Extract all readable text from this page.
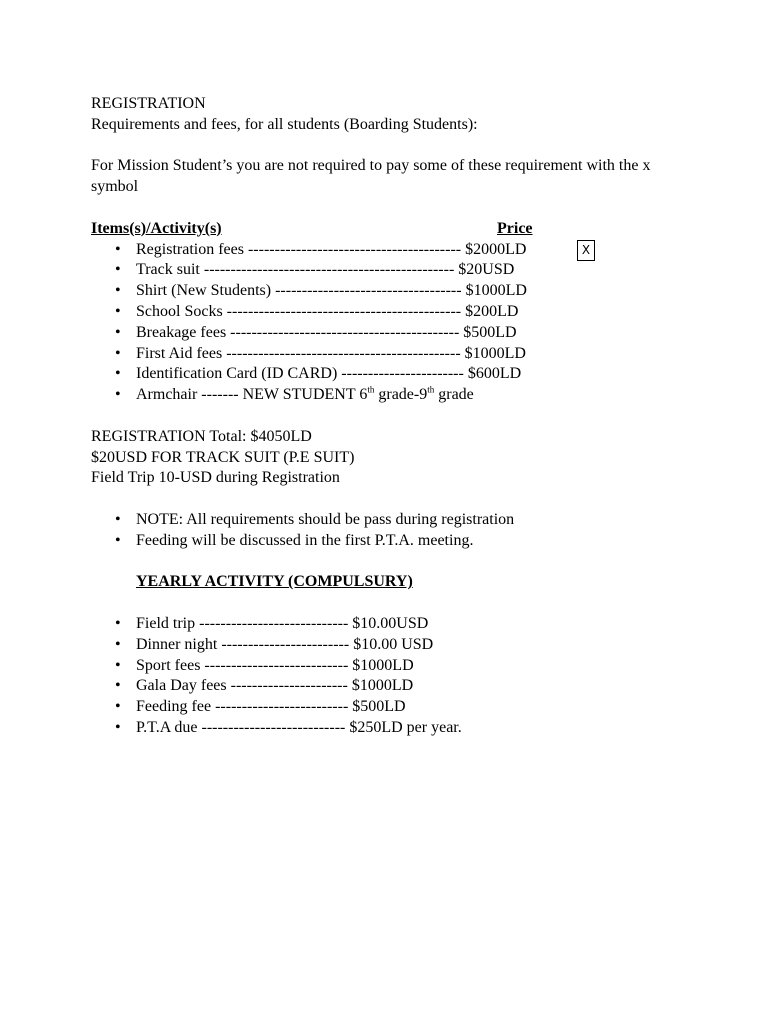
REGISTRATION
Requirements and fees, for all students (Boarding Students):
For Mission Student’s you are not required to pay some of these requirement with the x symbol
Items(s)/Activity(s)	Price
• Registration fees ---------------------------------------- $2000LD
• Track suit ----------------------------------------------- $20USD
• Shirt (New Students) ----------------------------------- $1000LD
• School Socks -------------------------------------------- $200LD
• Breakage fees ------------------------------------------- $500LD
• First Aid fees -------------------------------------------- $1000LD
• Identification Card (ID CARD) ----------------------- $600LD
• Armchair ------- NEW STUDENT 6th grade-9th grade
X
REGISTRATION Total: $4050LD
$20USD FOR TRACK SUIT (P.E SUIT)
Field Trip 10-USD during Registration
• NOTE: All requirements should be pass during registration
• Feeding will be discussed in the first P.T.A. meeting.
YEARLY ACTIVITY (COMPULSURY)
• Field trip ---------------------------- $10.00USD
• Dinner night ------------------------ $10.00 USD
• Sport fees --------------------------- $1000LD
• Gala Day fees ---------------------- $1000LD
• Feeding fee ------------------------- $500LD
• P.T.A due --------------------------- $250LD per year.
